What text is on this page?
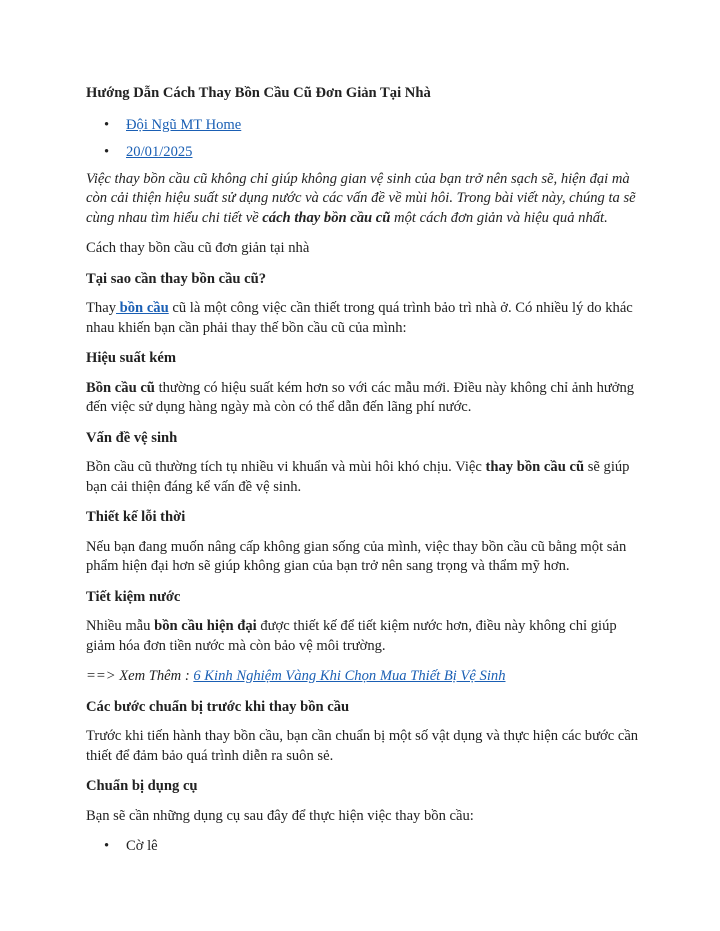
Hướng Dẫn Cách Thay Bồn Cầu Cũ Đơn Giản Tại Nhà
• Đội Ngũ MT Home
• 20/01/2025

Việc thay bồn cầu cũ không chỉ giúp không gian vệ sinh của bạn trở nên sạch sẽ, hiện đại mà còn cải thiện hiệu suất sử dụng nước và các vấn đề về mùi hôi. Trong bài viết này, chúng ta sẽ cùng nhau tìm hiểu chi tiết về cách thay bồn cầu cũ một cách đơn giản và hiệu quả nhất.

Cách thay bồn cầu cũ đơn giản tại nhà

Tại sao cần thay bồn cầu cũ?

Thay bồn cầu cũ là một công việc cần thiết trong quá trình bảo trì nhà ở. Có nhiều lý do khác nhau khiến bạn cần phải thay thế bồn cầu cũ của mình:

Hiệu suất kém

Bồn cầu cũ thường có hiệu suất kém hơn so với các mẫu mới. Điều này không chỉ ảnh hưởng đến việc sử dụng hàng ngày mà còn có thể dẫn đến lãng phí nước.

Vấn đề vệ sinh

Bồn cầu cũ thường tích tụ nhiều vi khuẩn và mùi hôi khó chịu. Việc thay bồn cầu cũ sẽ giúp bạn cải thiện đáng kể vấn đề vệ sinh.

Thiết kế lỗi thời

Nếu bạn đang muốn nâng cấp không gian sống của mình, việc thay bồn cầu cũ bằng một sản phẩm hiện đại hơn sẽ giúp không gian của bạn trở nên sang trọng và thẩm mỹ hơn.

Tiết kiệm nước

Nhiều mẫu bồn cầu hiện đại được thiết kế để tiết kiệm nước hơn, điều này không chỉ giúp giảm hóa đơn tiền nước mà còn bảo vệ môi trường.

==> Xem Thêm : 6 Kinh Nghiệm Vàng Khi Chọn Mua Thiết Bị Vệ Sinh

Các bước chuẩn bị trước khi thay bồn cầu

Trước khi tiến hành thay bồn cầu, bạn cần chuẩn bị một số vật dụng và thực hiện các bước cần thiết để đảm bảo quá trình diễn ra suôn sẻ.

Chuẩn bị dụng cụ

Bạn sẽ cần những dụng cụ sau đây để thực hiện việc thay bồn cầu:

• Cờ lê
